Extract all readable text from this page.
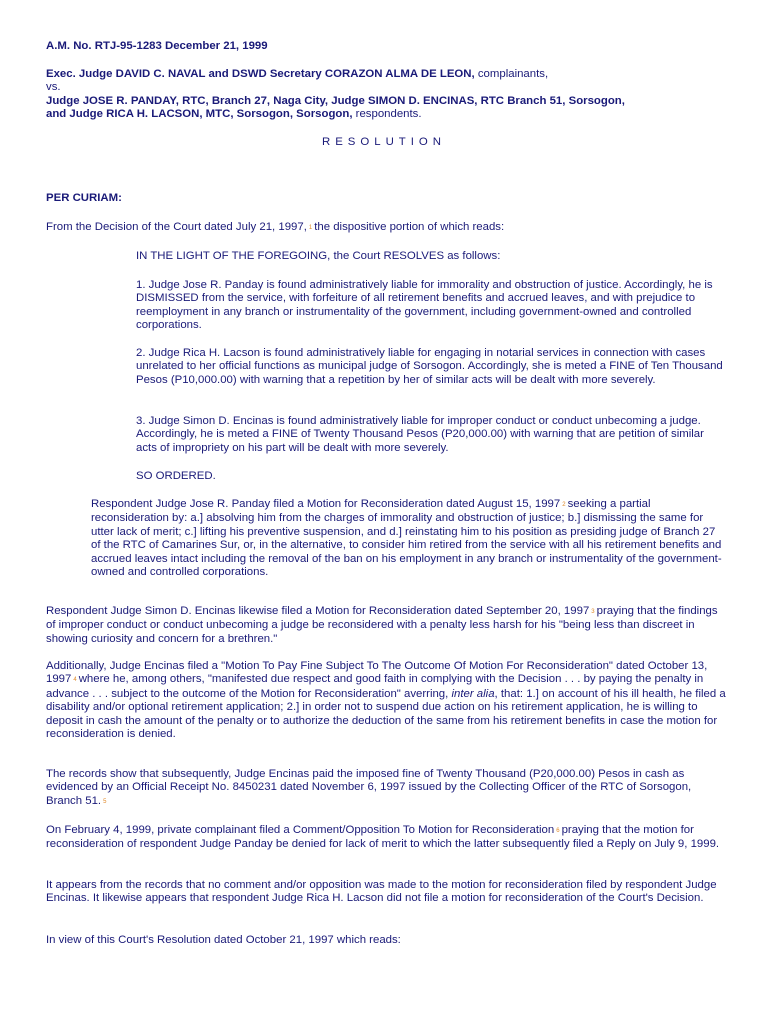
A.M. No. RTJ-95-1283 December 21, 1999

Exec. Judge DAVID C. NAVAL and DSWD Secretary CORAZON ALMA DE LEON, complainants,
vs.
Judge JOSE R. PANDAY, RTC, Branch 27, Naga City, Judge SIMON D. ENCINAS, RTC Branch 51, Sorsogon,
and Judge RICA H. LACSON, MTC, Sorsogon, Sorsogon, respondents.

RESOLUTION

PER CURIAM:

From the Decision of the Court dated July 21, 1997, 1 the dispositive portion of which reads:

IN THE LIGHT OF THE FOREGOING, the Court RESOLVES as follows:

1. Judge Jose R. Panday is found administratively liable for immorality and obstruction of justice. Accordingly, he is DISMISSED from the service, with forfeiture of all retirement benefits and accrued leaves, and with prejudice to reemployment in any branch or instrumentality of the government, including government-owned and controlled corporations.

2. Judge Rica H. Lacson is found administratively liable for engaging in notarial services in connection with cases unrelated to her official functions as municipal judge of Sorsogon. Accordingly, she is meted a FINE of Ten Thousand Pesos (P10,000.00) with warning that a repetition by her of similar acts will be dealt with more severely.

3. Judge Simon D. Encinas is found administratively liable for improper conduct or conduct unbecoming a judge. Accordingly, he is meted a FINE of Twenty Thousand Pesos (P20,000.00) with warning that are petition of similar acts of impropriety on his part will be dealt with more severely.

SO ORDERED.

Respondent Judge Jose R. Panday filed a Motion for Reconsideration dated August 15, 1997 2 seeking a partial reconsideration by: a.] absolving him from the charges of immorality and obstruction of justice; b.] dismissing the same for utter lack of merit; c.] lifting his preventive suspension, and d.] reinstating him to his position as presiding judge of Branch 27 of the RTC of Camarines Sur, or, in the alternative, to consider him retired from the service with all his retirement benefits and accrued leaves intact including the removal of the ban on his employment in any branch or instrumentality of the government-owned and controlled corporations.

Respondent Judge Simon D. Encinas likewise filed a Motion for Reconsideration dated September 20, 1997 3 praying that the findings of improper conduct or conduct unbecoming a judge be reconsidered with a penalty less harsh for his "being less than discreet in showing curiosity and concern for a brethren."

Additionally, Judge Encinas filed a "Motion To Pay Fine Subject To The Outcome Of Motion For Reconsideration" dated October 13, 1997 4 where he, among others, "manifested due respect and good faith in complying with the Decision . . . by paying the penalty in advance . . . subject to the outcome of the Motion for Reconsideration" averring, inter alia, that: 1.] on account of his ill health, he filed a disability and/or optional retirement application; 2.] in order not to suspend due action on his retirement application, he is willing to deposit in cash the amount of the penalty or to authorize the deduction of the same from his retirement benefits in case the motion for reconsideration is denied.

The records show that subsequently, Judge Encinas paid the imposed fine of Twenty Thousand (P20,000.00) Pesos in cash as evidenced by an Official Receipt No. 8450231 dated November 6, 1997 issued by the Collecting Officer of the RTC of Sorsogon, Branch 51. 5

On February 4, 1999, private complainant filed a Comment/Opposition To Motion for Reconsideration 6 praying that the motion for reconsideration of respondent Judge Panday be denied for lack of merit to which the latter subsequently filed a Reply on July 9, 1999.

It appears from the records that no comment and/or opposition was made to the motion for reconsideration filed by respondent Judge Encinas. It likewise appears that respondent Judge Rica H. Lacson did not file a motion for reconsideration of the Court's Decision.

In view of this Court's Resolution dated October 21, 1997 which reads:
